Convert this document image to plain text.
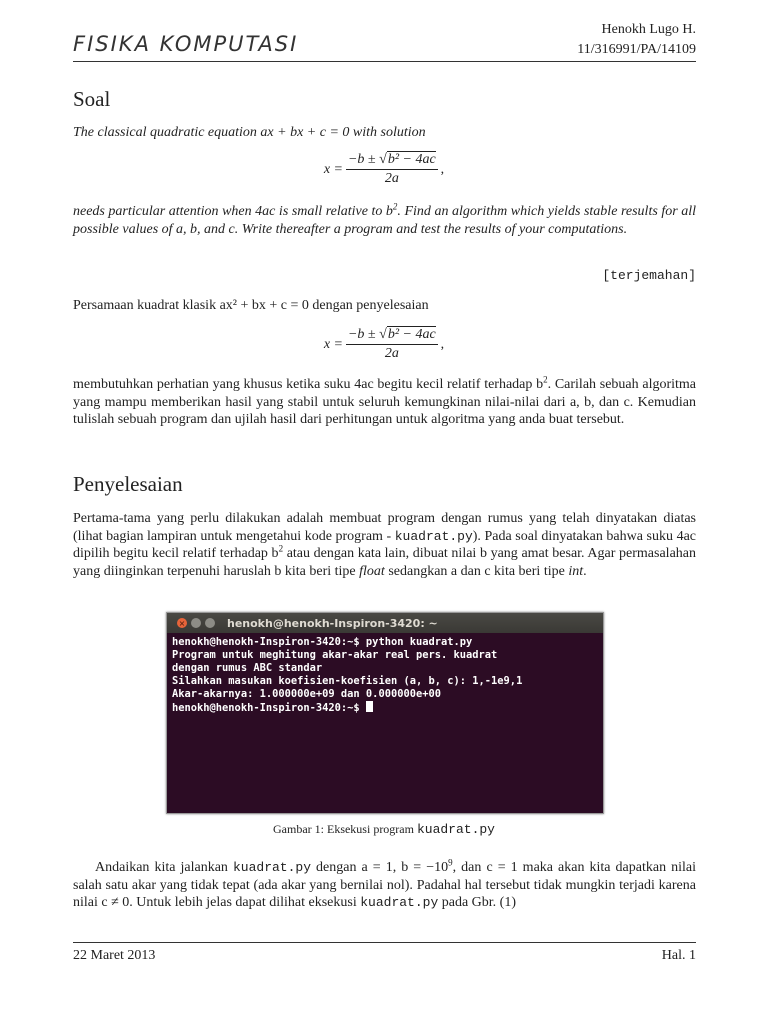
FISIKA KOMPUTASI
Henokh Lugo H.
11/316991/PA/14109
Soal
The classical quadratic equation ax + bx + c = 0 with solution
$x = \frac{\text{−b ± √b² − 4ac}}{2a}$ ,
needs particular attention when 4ac is small relative to $b^2$. Find an algorithm which yields stable results for all possible values of a, b, and c. Write thereafter a program and test the results of your computations.
[terjemahan]
Persamaan kuadrat klasik ax² + bx + c = 0 dengan penyelesaian
$x = \frac{\text{−b ± √b² − 4ac}}{2a}$ ,
membutuhkan perhatian yang khusus ketika suku 4ac begitu kecil relatif terhadap $b^2$. Carilah sebuah algoritma yang mampu memberikan hasil yang stabil untuk seluruh kemungkinan nilai-nilai dari a, b, dan c. Kemudian tulislah sebuah program dan ujilah hasil dari perhitungan untuk algoritma yang anda buat tersebut.
Penyelesaian
Pertama-tama yang perlu dilakukan adalah membuat program dengan rumus yang telah dinyatakan diatas (lihat bagian lampiran untuk mengetahui kode program - kuadrat.py). Pada soal dinyatakan bahwa suku 4ac dipilih begitu kecil relatif terhadap $b^2$ atau dengan kata lain, dibuat nilai b yang amat besar. Agar permasalahan yang diinginkan terpenuhi haruslah b kita beri tipe float sedangkan a dan c kita beri tipe int.
×	henokh@henokh-Inspiron-3420: ~
henokh@henokh-Inspiron-3420:~$ python kuadrat.py
Program untuk meghitung akar-akar real pers. kuadrat
dengan rumus ABC standar
Silahkan masukan koefisien-koefisien (a, b, c): 1,-1e9,1
Akar-akarnya: 1.000000e+09 dan 0.000000e+00
henokh@henokh-Inspiron-3420:~$
Gambar 1: Eksekusi program kuadrat.py
Andaikan kita jalankan kuadrat.py dengan a = 1, $b = -10^9$, dan c = 1 maka akan kita dapatkan nilai salah satu akar yang tidak tepat (ada akar yang bernilai nol). Padahal hal tersebut tidak mungkin terjadi karena nilai c ≠ 0. Untuk lebih jelas dapat dilihat eksekusi kuadrat.py pada Gbr. (1)
22 Maret 2013	Hal. 1
